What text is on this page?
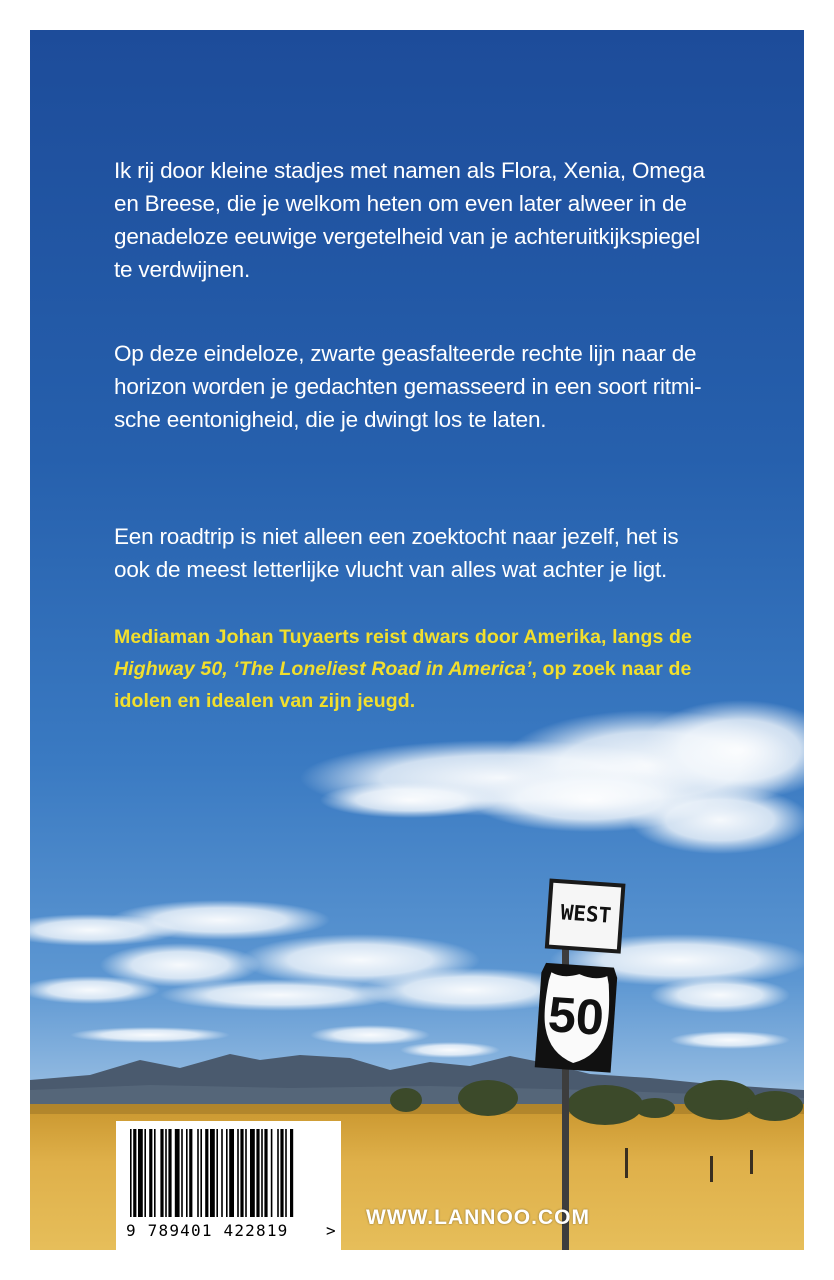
Ik rij door kleine stadjes met namen als Flora, Xenia, Omega
en Breese, die je welkom heten om even later alweer in de
genadeloze eeuwige vergetelheid van je achteruitkijkspiegel
te verdwijnen.
Op deze eindeloze, zwarte geasfalteerde rechte lijn naar de
horizon worden je gedachten gemasseerd in een soort ritmi-
sche eentonigheid, die je dwingt los te laten.
Een roadtrip is niet alleen een zoektocht naar jezelf, het is
ook de meest letterlijke vlucht van alles wat achter je ligt.
Mediaman Johan Tuyaerts reist dwars door Amerika, langs de
Highway 50, ‘The Loneliest Road in America’, op zoek naar de
idolen en idealen van zijn jeugd.
WEST
50
WWW.LANNOO.COM
9 789401 422819 >
